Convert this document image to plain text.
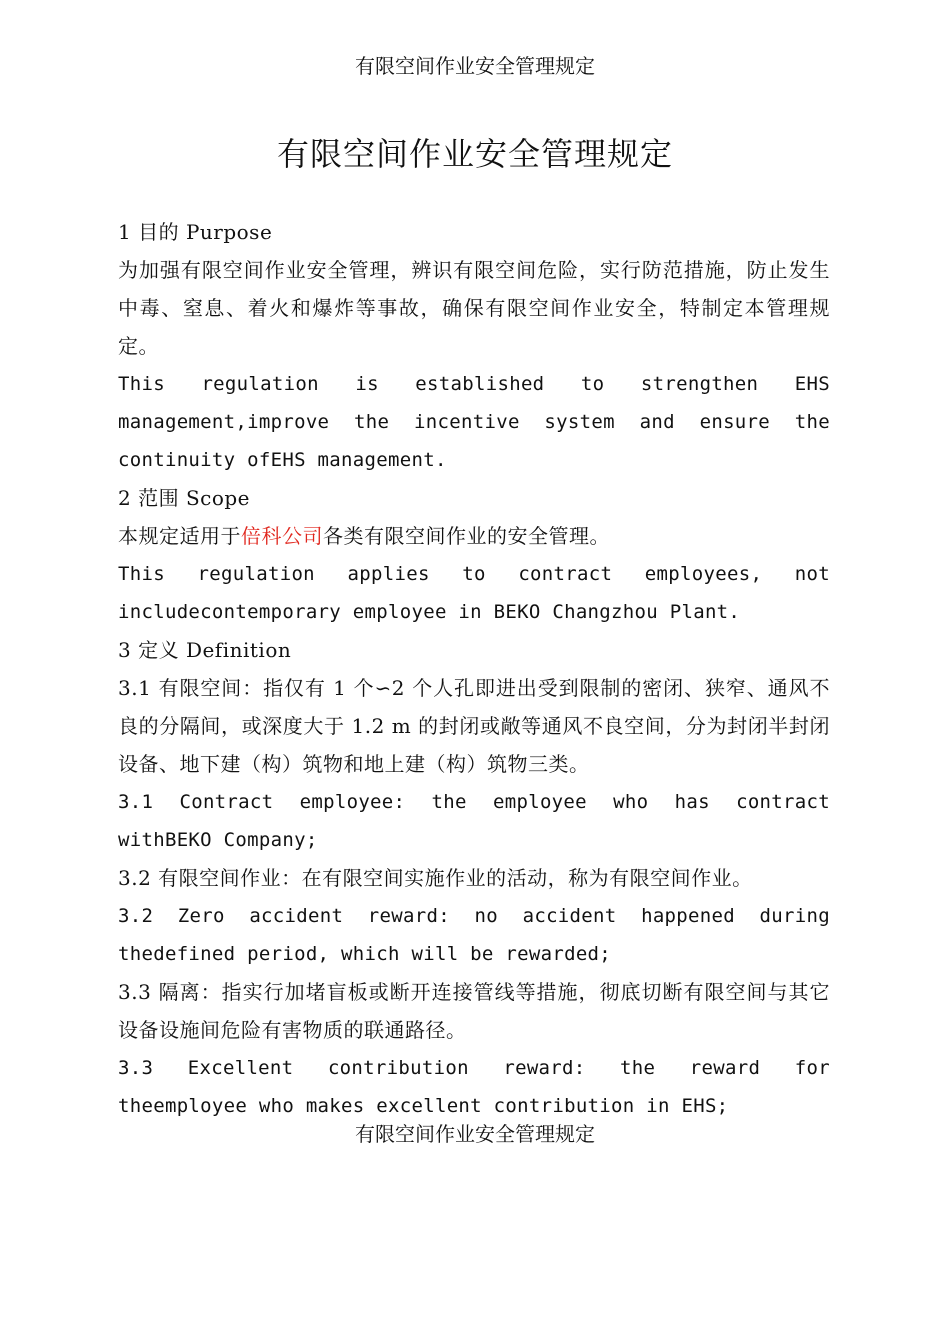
有限空间作业安全管理规定
有限空间作业安全管理规定

1 目的 Purpose

为加强有限空间作业安全管理，辨识有限空间危险，实行防范措施，防止发生中毒、窒息、着火和爆炸等事故，确保有限空间作业安全，特制定本管理规定。

This regulation is established to strengthen EHS management,improve the incentive system and ensure the continuity ofEHS management.

2 范围 Scope

本规定适用于倍科公司各类有限空间作业的安全管理。

This regulation applies to contract employees, not includecontemporary employee in BEKO Changzhou Plant.

3 定义 Definition

3.1 有限空间：指仅有 1 个∽2 个人孔即进出受到限制的密闭、狭窄、通风不良的分隔间，或深度大于 1.2 m 的封闭或敞等通风不良空间，分为封闭半封闭设备、地下建（构）筑物和地上建（构）筑物三类。

3.1 Contract employee: the employee who has contract withBEKO Company;

3.2 有限空间作业：在有限空间实施作业的活动，称为有限空间作业。

3.2 Zero accident reward: no accident happened during thedefined period, which will be rewarded;

3.3 隔离：指实行加堵盲板或断开连接管线等措施，彻底切断有限空间与其它设备设施间危险有害物质的联通路径。

3.3 Excellent contribution reward: the reward for theemployee who makes excellent contribution in EHS;

有限空间作业安全管理规定
